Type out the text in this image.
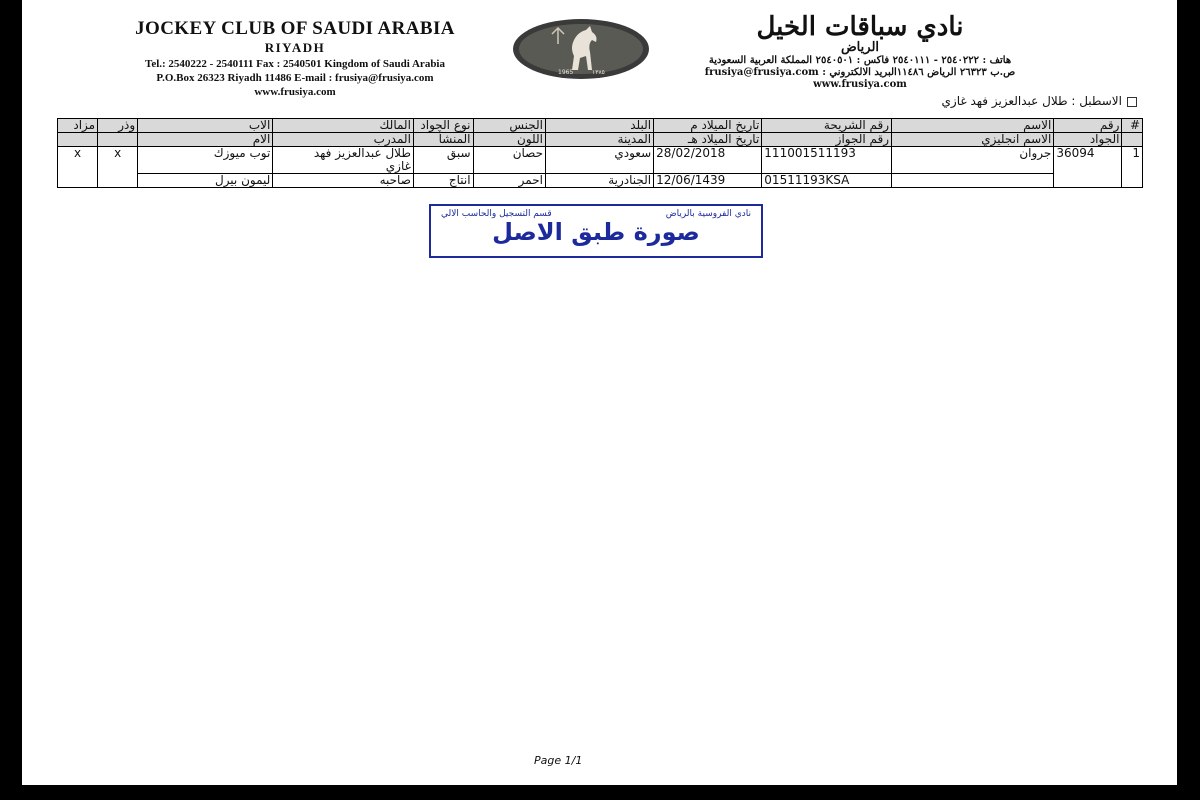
JOCKEY CLUB OF SAUDI ARABIA
RIYADH
Tel.: 2540222 - 2540111 Fax : 2540501 Kingdom of Saudi Arabia
P.O.Box 26323 Riyadh 11486 E-mail : frusiya@frusiya.com
www.frusiya.com
1965	١٣٨٥
نادي سباقات الخيل
الرياض
هاتف : ٢٥٤٠٢٢٢ - ٢٥٤٠١١١ فاكس : ٢٥٤٠٥٠١ المملكة العربية السعودية
ص.ب ٢٦٣٢٣ الرياض ١١٤٨٦البريد الالكتروني : frusiya@frusiya.com
www.frusiya.com
الاسطبل : طلال عبدالعزيز فهد غازي
#	رقم	الاسم	رقم الشريحة	تاريخ الميلاد م	البلد	الجنس	نوع الجواد	المالك	الاب	وذر	مزاد
	الجواد	الاسم انجليزي	رقم الجواز	تاريخ الميلاد هـ	المدينة	اللون	المنشأ	المدرب	الام		
1	36094	جروان	111001511193	28/02/2018	سعودي	حصان	سبق	طلال عبدالعزيز فهد
غازي	توب ميوزك	x	x
			01511193KSA	12/06/1439	الجنادرية	احمر	انتاج	صاحبه	ليمون بيرل		
نادي الفروسية بالرياض
قسم التسجيل والحاسب الالي
صورة طبق الاصل
Page 1/1
